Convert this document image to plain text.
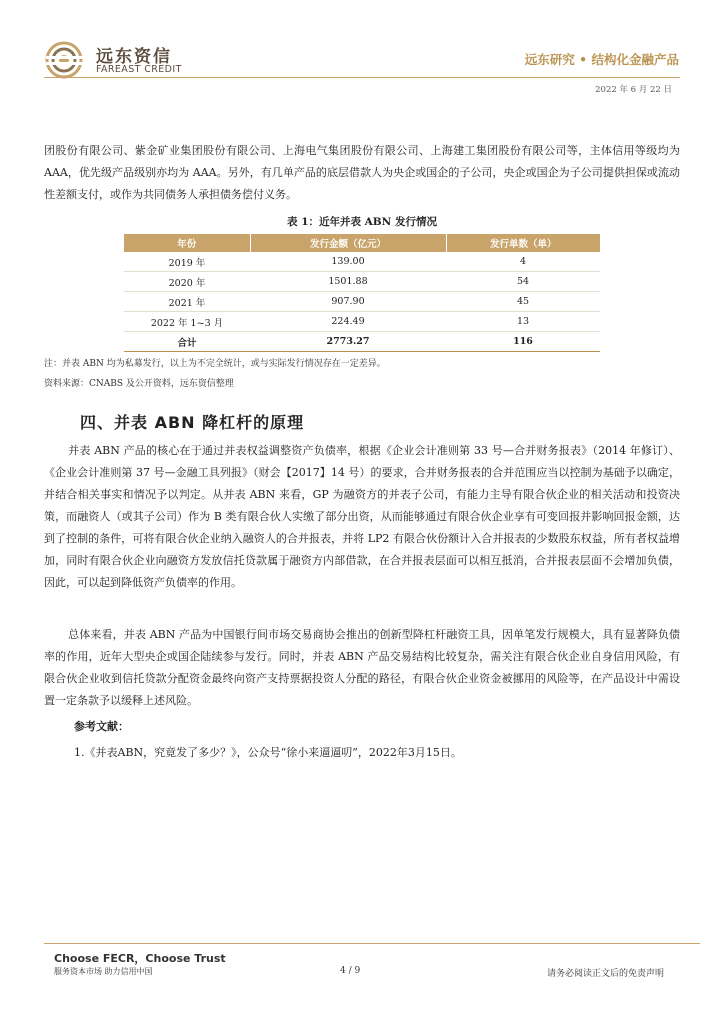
远东资信
FAREAST CREDIT
远东研究 • 结构化金融产品
2022 年 6 月 22 日
团股份有限公司、紫金矿业集团股份有限公司、上海电气集团股份有限公司、上海建工集团股份有限公司等，主体信用等级均为 AAA，优先级产品级别亦均为 AAA。另外，有几单产品的底层借款人为央企或国企的子公司，央企或国企为子公司提供担保或流动性差额支付，或作为共同债务人承担债务偿付义务。
表 1：近年并表 ABN 发行情况
年份	发行金额（亿元）	发行单数（单）
2019 年	139.00	4
2020 年	1501.88	54
2021 年	907.90	45
2022 年 1~3 月	224.49	13
合计	2773.27	116
注：并表 ABN 均为私募发行，以上为不完全统计，或与实际发行情况存在一定差异。
资料来源：CNABS 及公开资料，远东资信整理
四、并表 ABN 降杠杆的原理
并表 ABN 产品的核心在于通过并表权益调整资产负债率，根据《企业会计准则第 33 号—合并财务报表》（2014 年修订）、《企业会计准则第 37 号—金融工具列报》（财会【2017】14 号）的要求，合并财务报表的合并范围应当以控制为基础予以确定，并结合相关事实和情况予以判定。从并表 ABN 来看，GP 为融资方的并表子公司，有能力主导有限合伙企业的相关活动和投资决策，而融资人（或其子公司）作为 B 类有限合伙人实缴了部分出资，从而能够通过有限合伙企业享有可变回报并影响回报金额，达到了控制的条件，可将有限合伙企业纳入融资人的合并报表，并将 LP2 有限合伙份额计入合并报表的少数股东权益，所有者权益增加，同时有限合伙企业向融资方发放信托贷款属于融资方内部借款，在合并报表层面可以相互抵消，合并报表层面不会增加负债，因此，可以起到降低资产负债率的作用。
总体来看，并表 ABN 产品为中国银行间市场交易商协会推出的创新型降杠杆融资工具，因单笔发行规模大，具有显著降负债率的作用，近年大型央企或国企陆续参与发行。同时，并表 ABN 产品交易结构比较复杂，需关注有限合伙企业自身信用风险，有限合伙企业收到信托贷款分配资金最终向资产支持票据投资人分配的路径，有限合伙企业资金被挪用的风险等，在产品设计中需设置一定条款予以缓释上述风险。
参考文献：
1.《并表ABN，究竟发了多少？》，公众号“徐小来逼逼叨”，2022年3月15日。
Choose FECR，Choose Trust
服务资本市场 助力信用中国	4 / 9	请务必阅读正文后的免责声明
